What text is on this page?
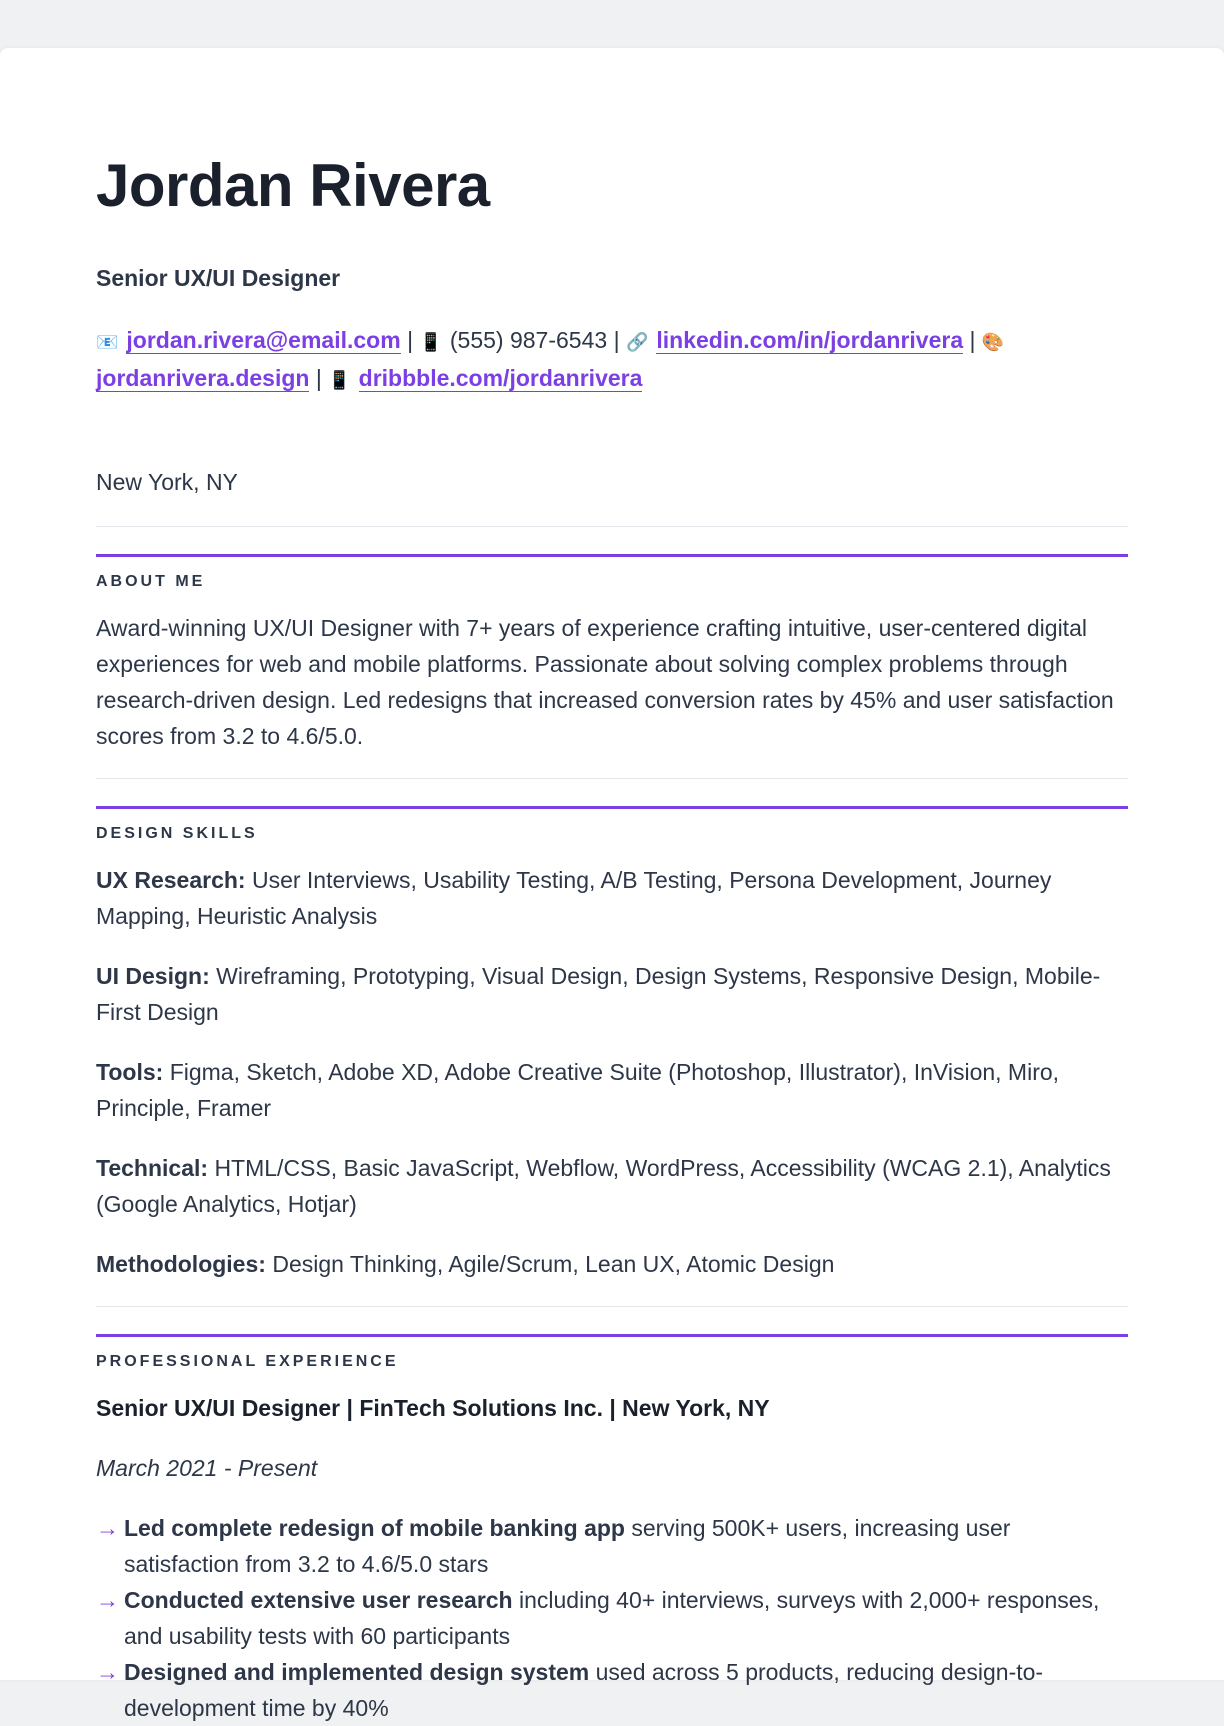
Jordan Rivera
Senior UX/UI Designer
📧 jordan.rivera@email.com | 📱 (555) 987-6543 | 🔗 linkedin.com/in/jordanrivera | 🎨
jordanrivera.design | 📱 dribbble.com/jordanrivera
New York, NY
ABOUT ME

Award-winning UX/UI Designer with 7+ years of experience crafting intuitive, user-centered digital experiences for web and mobile platforms. Passionate about solving complex problems through research-driven design. Led redesigns that increased conversion rates by 45% and user satisfaction scores from 3.2 to 4.6/5.0.

DESIGN SKILLS

UX Research: User Interviews, Usability Testing, A/B Testing, Persona Development, Journey Mapping, Heuristic Analysis

UI Design: Wireframing, Prototyping, Visual Design, Design Systems, Responsive Design, Mobile-First Design

Tools: Figma, Sketch, Adobe XD, Adobe Creative Suite (Photoshop, Illustrator), InVision, Miro, Principle, Framer

Technical: HTML/CSS, Basic JavaScript, Webflow, WordPress, Accessibility (WCAG 2.1), Analytics (Google Analytics, Hotjar)

Methodologies: Design Thinking, Agile/Scrum, Lean UX, Atomic Design

PROFESSIONAL EXPERIENCE
Senior UX/UI Designer | FinTech Solutions Inc. | New York, NY
March 2021 - Present
→ Led complete redesign of mobile banking app serving 500K+ users, increasing user satisfaction from 3.2 to 4.6/5.0 stars
→ Conducted extensive user research including 40+ interviews, surveys with 2,000+ responses, and usability tests with 60 participants
→ Designed and implemented design system used across 5 products, reducing design-to-development time by 40%
